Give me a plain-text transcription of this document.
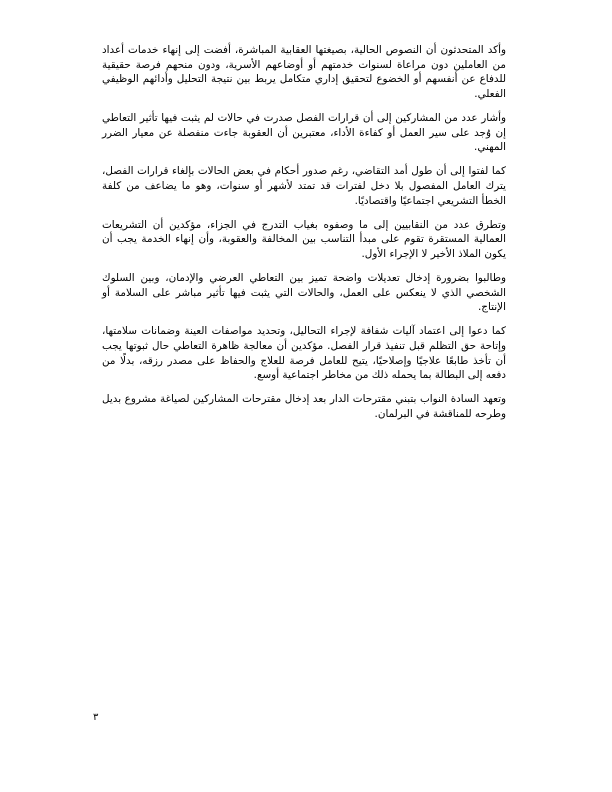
وأكد المتحدثون أن النصوص الحالية، بصيغتها العقابية المباشرة، أفضت إلى إنهاء خدمات أعداد من العاملين دون مراعاة لسنوات خدمتهم أو أوضاعهم الأسرية، ودون منحهم فرصة حقيقية للدفاع عن أنفسهم أو الخضوع لتحقيق إداري متكامل يربط بين نتيجة التحليل وأدائهم الوظيفي الفعلي.

وأشار عدد من المشاركين إلى أن قرارات الفصل صدرت في حالات لم يثبت فيها تأثير التعاطي إن وُجد على سير العمل أو كفاءة الأداء، معتبرين أن العقوبة جاءت منفصلة عن معيار الضرر المهني.

كما لفتوا إلى أن طول أمد التقاضي، رغم صدور أحكام في بعض الحالات بإلغاء قرارات الفصل، يترك العامل المفصول بلا دخل لفترات قد تمتد لأشهر أو سنوات، وهو ما يضاعف من كلفة الخطأ التشريعي اجتماعيًا واقتصاديًا.

وتطرق عدد من النقابيين إلى ما وصفوه بغياب التدرج في الجزاء، مؤكدين أن التشريعات العمالية المستقرة تقوم على مبدأ التناسب بين المخالفة والعقوبة، وأن إنهاء الخدمة يجب أن يكون الملاذ الأخير لا الإجراء الأول.

وطالبوا بضرورة إدخال تعديلات واضحة تميز بين التعاطي العرضي والإدمان، وبين السلوك الشخصي الذي لا ينعكس على العمل، والحالات التي يثبت فيها تأثير مباشر على السلامة أو الإنتاج.

كما دعوا إلى اعتماد آليات شفافة لإجراء التحاليل، وتحديد مواصفات العينة وضمانات سلامتها، وإتاحة حق التظلم قبل تنفيذ قرار الفصل. مؤكدين أن معالجة ظاهرة التعاطي حال ثبوتها يجب أن تأخذ طابعًا علاجيًا وإصلاحيًا، يتيح للعامل فرصة للعلاج والحفاظ على مصدر رزقه، بدلًا من دفعه إلى البطالة بما يحمله ذلك من مخاطر اجتماعية أوسع.

وتعهد السادة النواب بتبني مقترحات الدار بعد إدخال مقترحات المشاركين لصياغة مشروع بديل وطرحه للمناقشة في البرلمان.

٣
